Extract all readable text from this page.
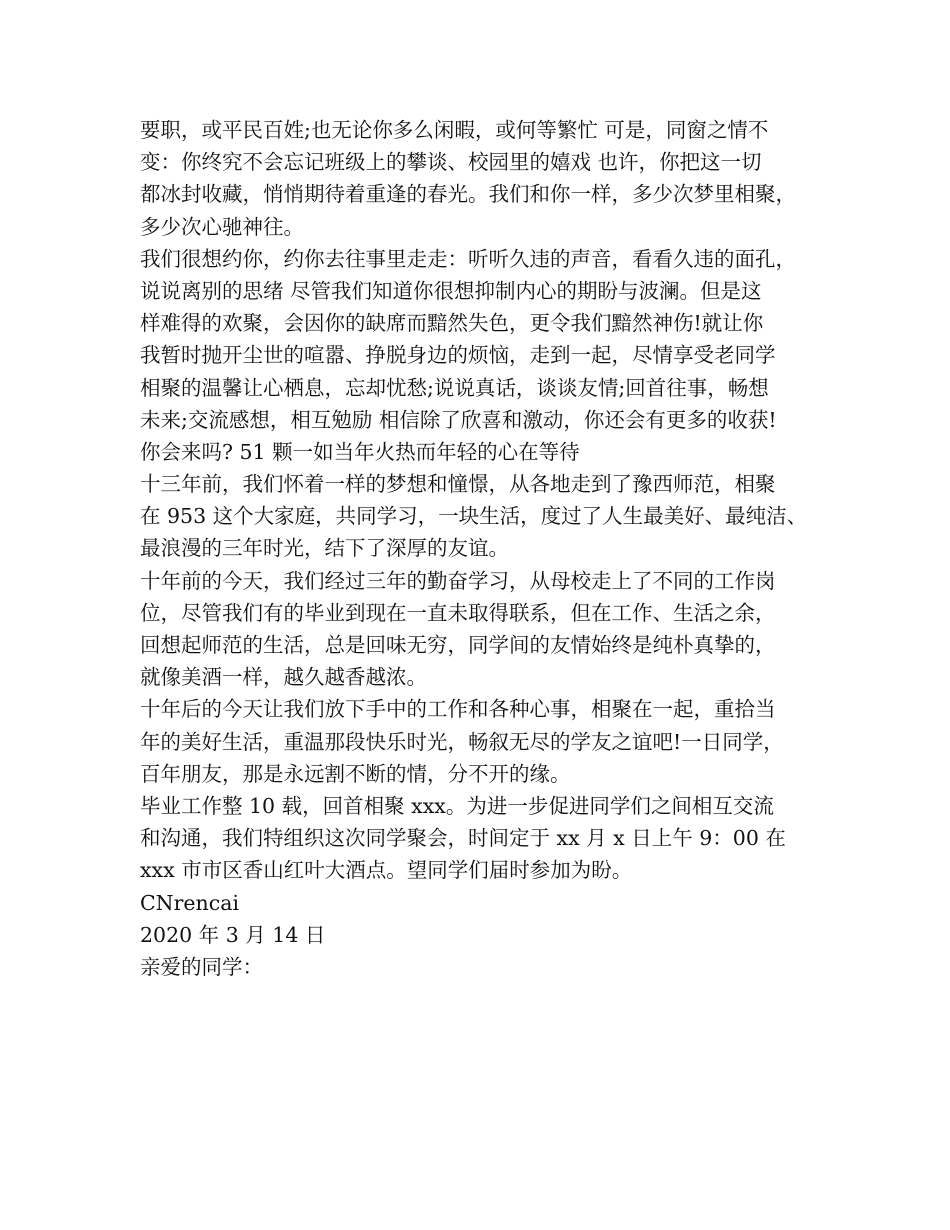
要职，或平民百姓;也无论你多么闲暇，或何等繁忙 可是，同窗之情不
变：你终究不会忘记班级上的攀谈、校园里的嬉戏 也许，你把这一切
都冰封收藏，悄悄期待着重逢的春光。我们和你一样，多少次梦里相聚，
多少次心驰神往。
我们很想约你，约你去往事里走走：听听久违的声音，看看久违的面孔，
说说离别的思绪 尽管我们知道你很想抑制内心的期盼与波澜。但是这
样难得的欢聚，会因你的缺席而黯然失色，更令我们黯然神伤!就让你
我暂时抛开尘世的喧嚣、挣脱身边的烦恼，走到一起，尽情享受老同学
相聚的温馨让心栖息，忘却忧愁;说说真话，谈谈友情;回首往事，畅想
未来;交流感想，相互勉励 相信除了欣喜和激动，你还会有更多的收获!
你会来吗? 51 颗一如当年火热而年轻的心在等待
十三年前，我们怀着一样的梦想和憧憬，从各地走到了豫西师范，相聚
在 953 这个大家庭，共同学习，一块生活，度过了人生最美好、最纯洁、
最浪漫的三年时光，结下了深厚的友谊。
十年前的今天，我们经过三年的勤奋学习，从母校走上了不同的工作岗
位，尽管我们有的毕业到现在一直未取得联系，但在工作、生活之余，
回想起师范的生活，总是回味无穷，同学间的友情始终是纯朴真挚的，
就像美酒一样，越久越香越浓。
十年后的今天让我们放下手中的工作和各种心事，相聚在一起，重拾当
年的美好生活，重温那段快乐时光，畅叙无尽的学友之谊吧!一日同学，
百年朋友，那是永远割不断的情，分不开的缘。
毕业工作整 10 载，回首相聚 xxx。为进一步促进同学们之间相互交流
和沟通，我们特组织这次同学聚会，时间定于 xx 月 x 日上午 9：00 在
xxx 市市区香山红叶大酒点。望同学们届时参加为盼。
CNrencai
2020 年 3 月 14 日
亲爱的同学：
